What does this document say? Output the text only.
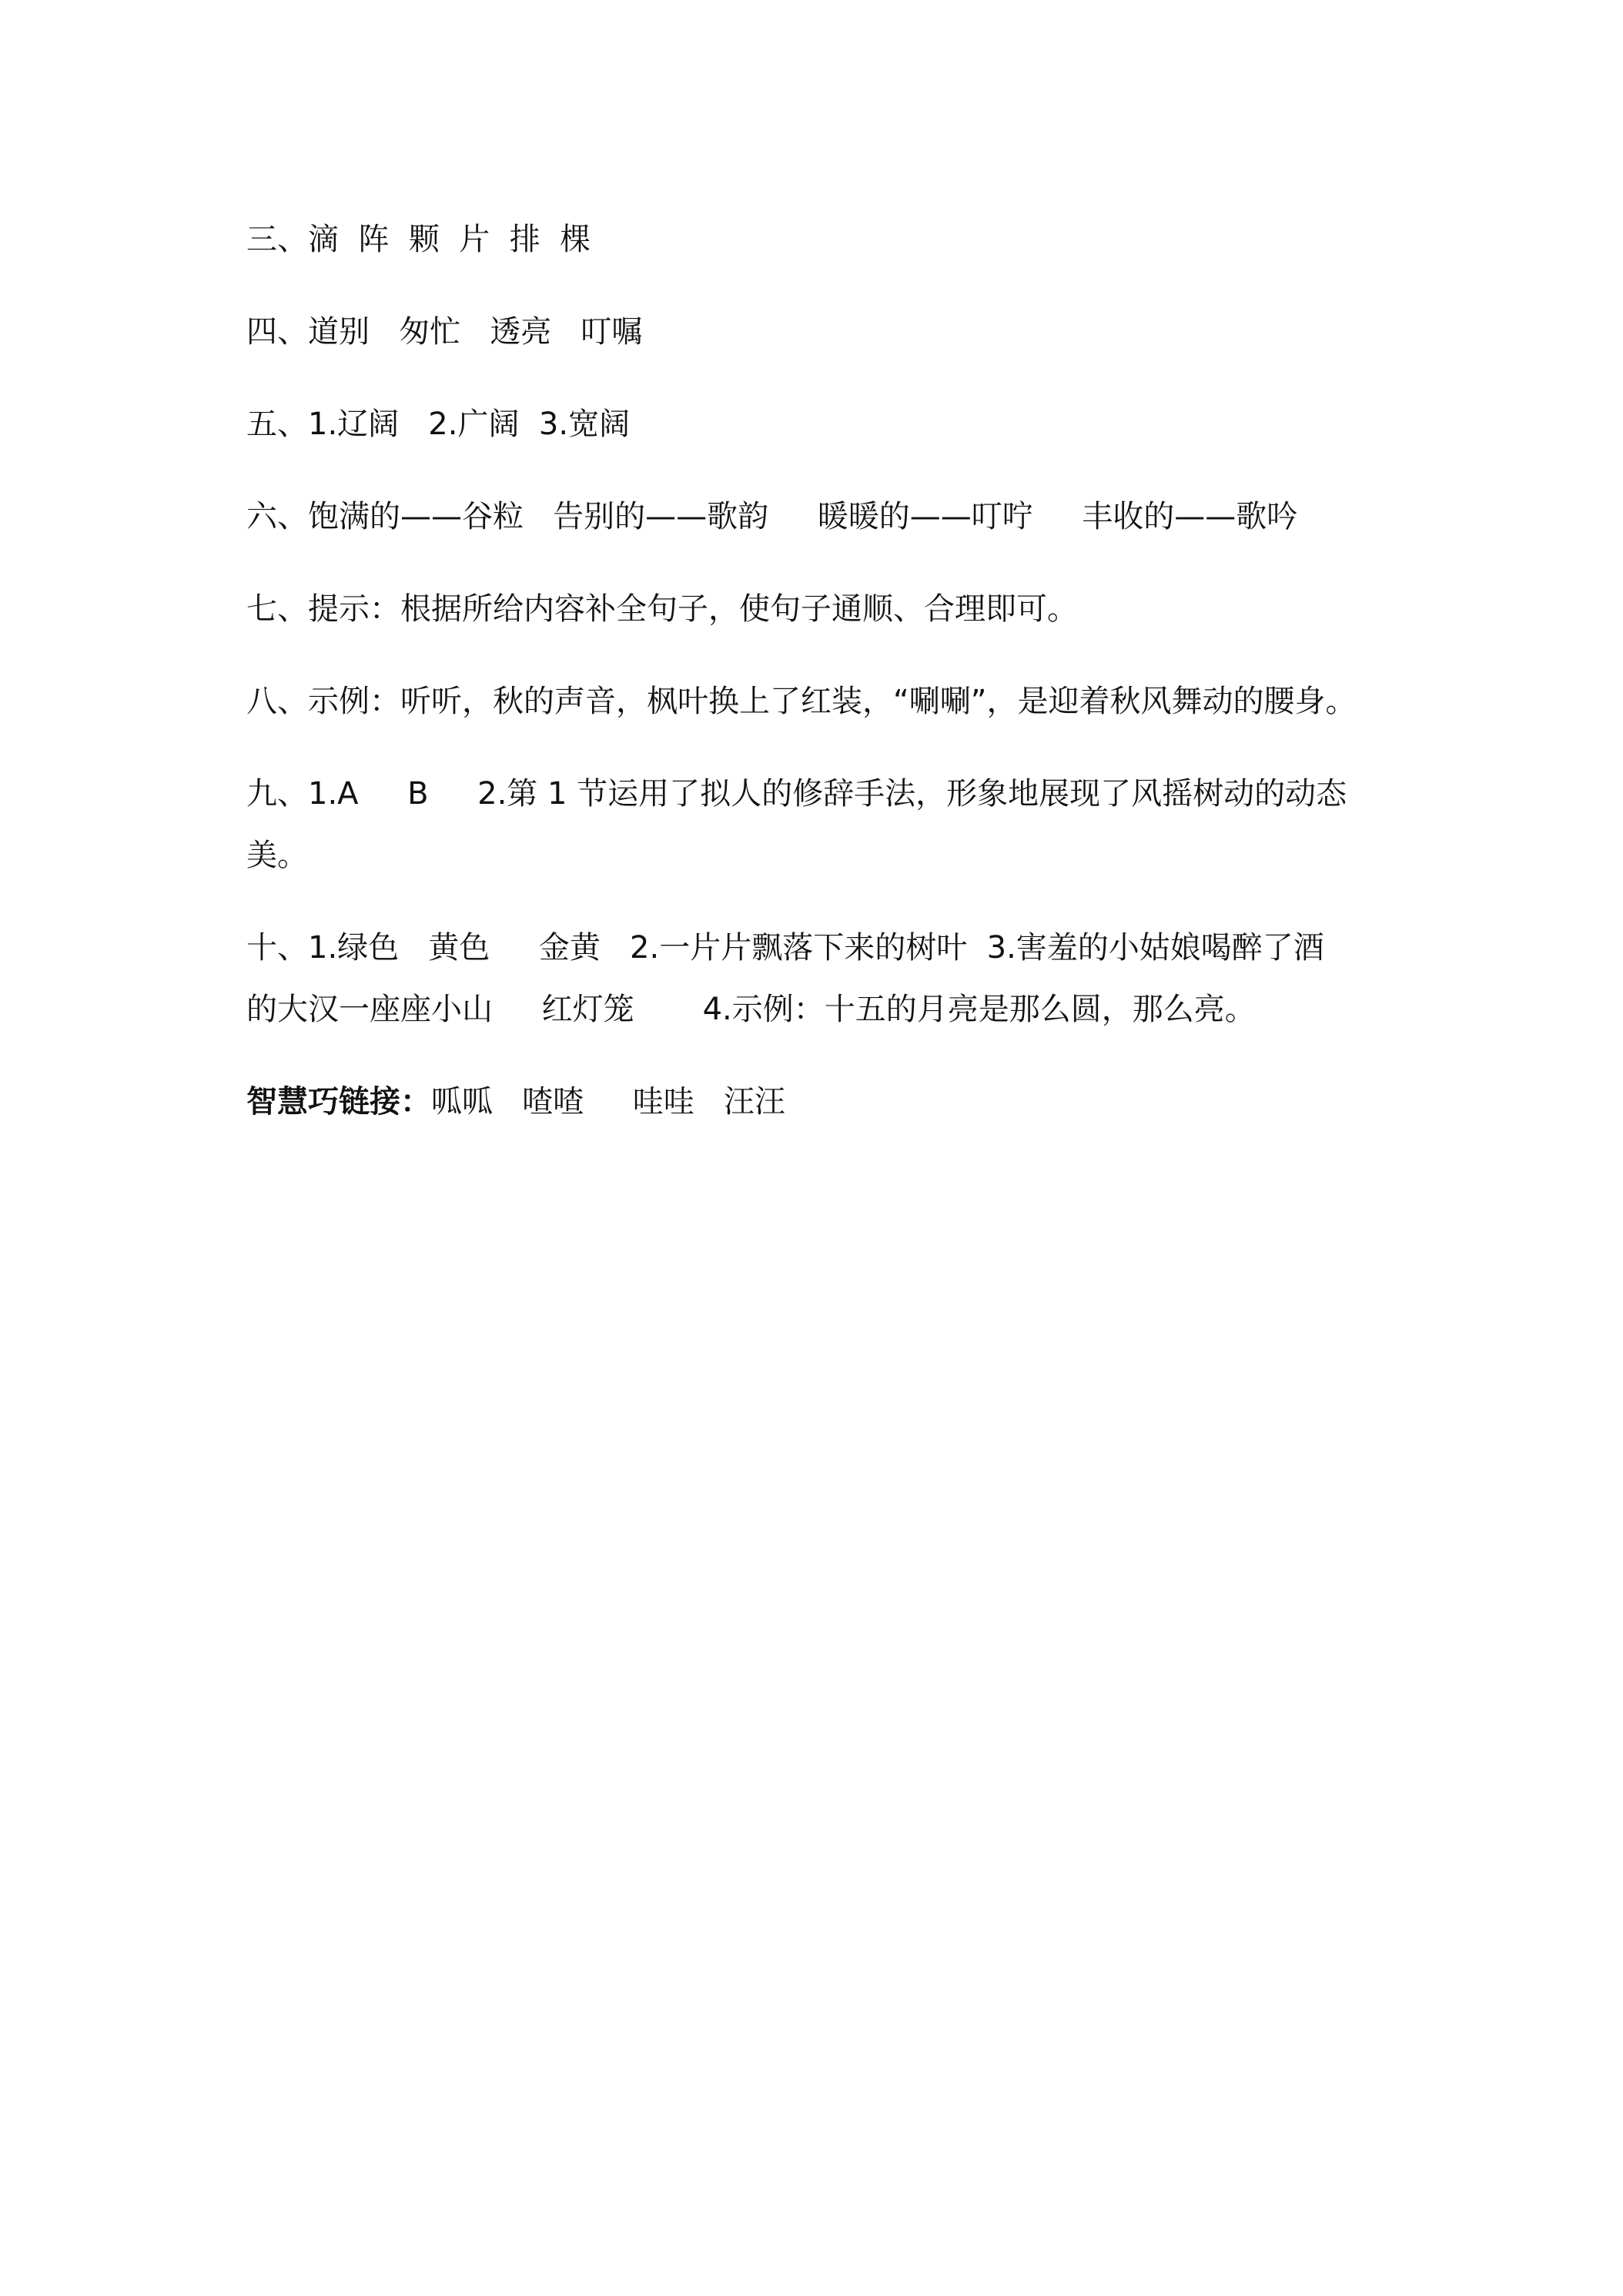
三、滴  阵  颗  片  排  棵

四、道别   匆忙   透亮   叮嘱

五、1.辽阔   2.广阔  3.宽阔

六、饱满的——谷粒   告别的——歌韵     暖暖的——叮咛     丰收的——歌吟

七、提示：根据所给内容补全句子，使句子通顺、合理即可。

八、示例：听听，秋的声音，枫叶换上了红装，“唰唰”，是迎着秋风舞动的腰身。

九、1.A     B     2.第 1 节运用了拟人的修辞手法，形象地展现了风摇树动的动态

美。

十、1.绿色   黄色     金黄   2.一片片飘落下来的树叶  3.害羞的小姑娘喝醉了酒

的大汉一座座小山     红灯笼       4.示例：十五的月亮是那么圆，那么亮。

智慧巧链接：呱呱   喳喳     哇哇   汪汪
